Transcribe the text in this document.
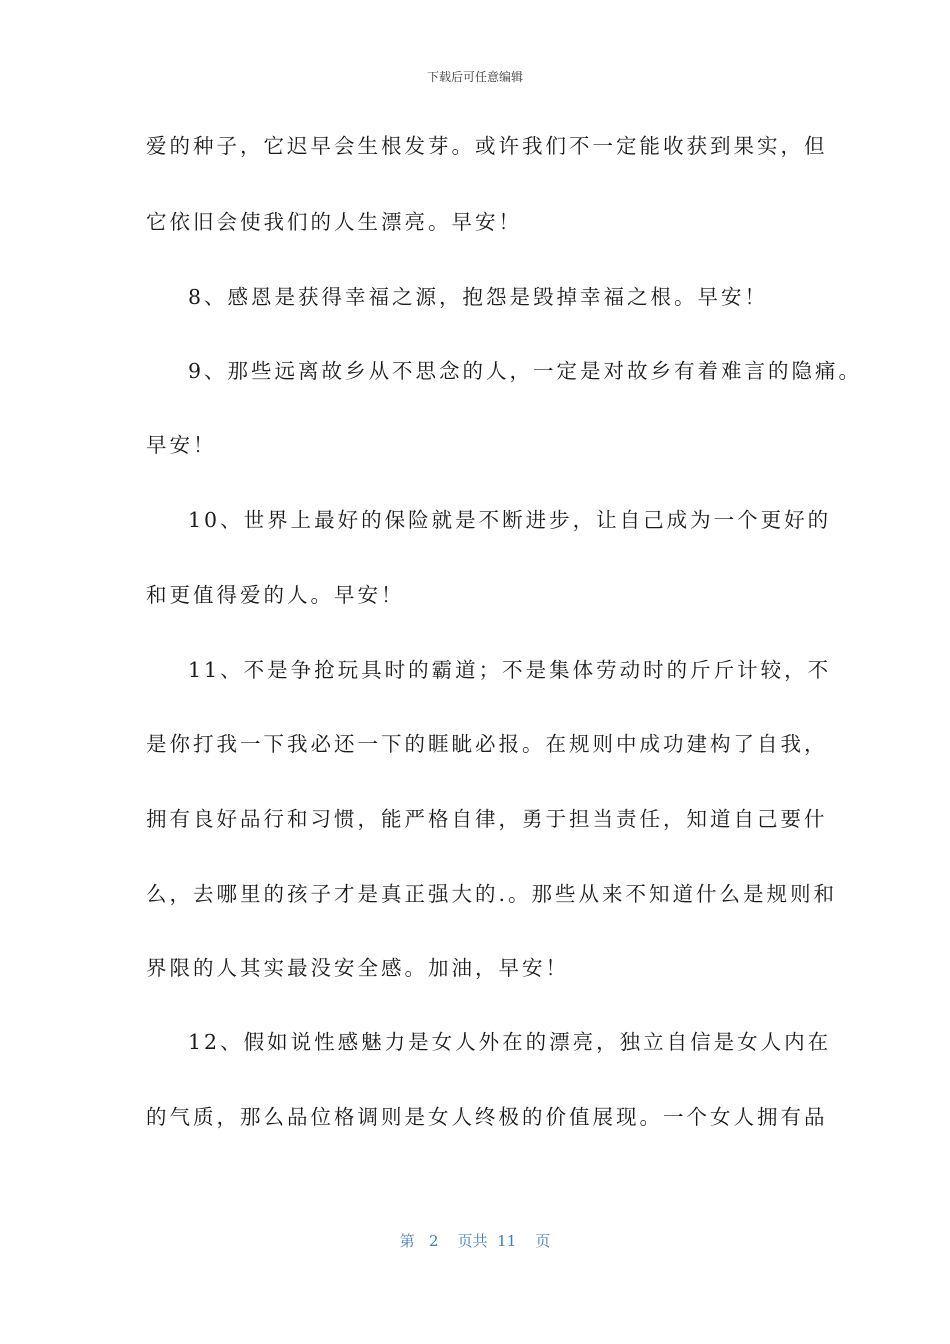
下载后可任意编辑
爱的种子，它迟早会生根发芽。或许我们不一定能收获到果实，但
它依旧会使我们的人生漂亮。早安！
8、感恩是获得幸福之源，抱怨是毁掉幸福之根。早安！
9、那些远离故乡从不思念的人，一定是对故乡有着难言的隐痛。
早安！
10、世界上最好的保险就是不断进步，让自己成为一个更好的
和更值得爱的人。早安！
11、不是争抢玩具时的霸道；不是集体劳动时的斤斤计较，不
是你打我一下我必还一下的睚眦必报。在规则中成功建构了自我，
拥有良好品行和习惯，能严格自律，勇于担当责任，知道自己要什
么，去哪里的孩子才是真正强大的.。那些从来不知道什么是规则和
界限的人其实最没安全感。加油，早安！
12、假如说性感魅力是女人外在的漂亮，独立自信是女人内在
的气质，那么品位格调则是女人终极的价值展现。一个女人拥有品
第 2 页共 11 页
